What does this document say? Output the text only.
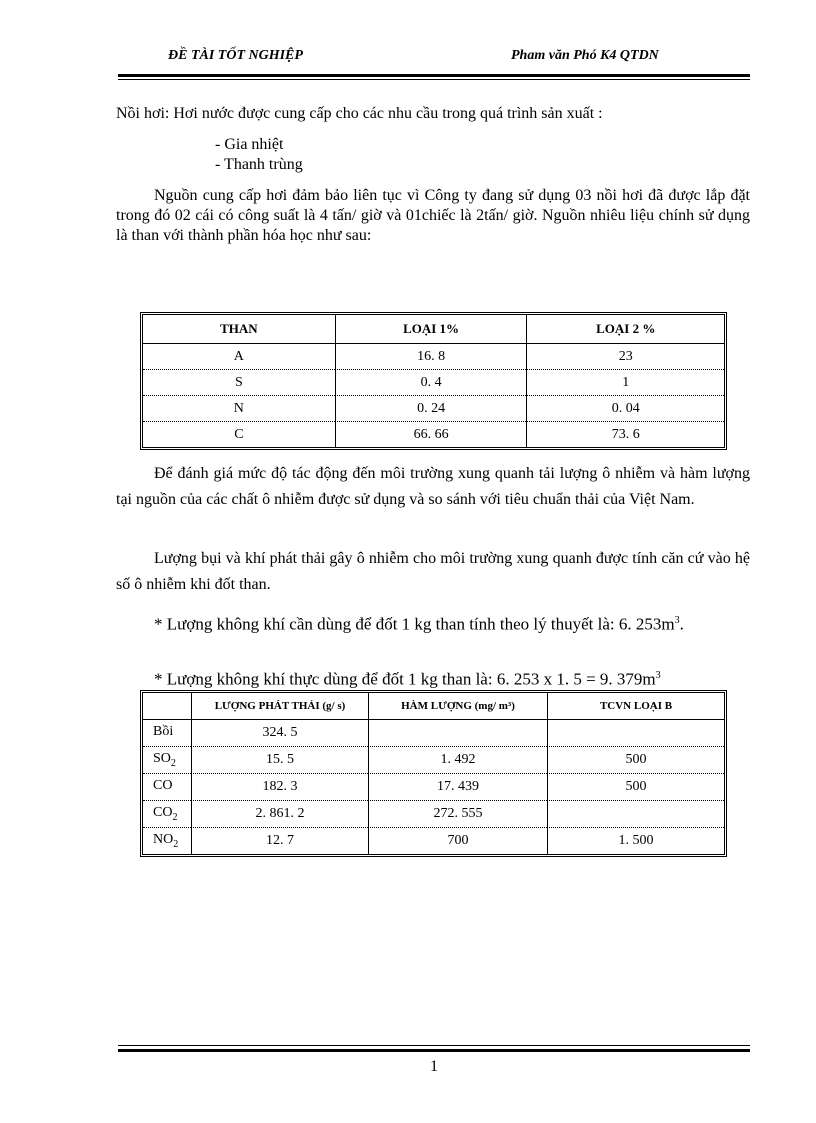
ĐỀ TÀI TỐT NGHIỆP	Pham văn Phó K4 QTDN
Nồi hơi: Hơi nước được cung cấp cho các nhu cầu trong quá trình sản xuất :
- Gia nhiệt
- Thanh trùng
Nguồn cung cấp hơi đảm bảo liên tục vì Công ty đang sử dụng 03 nồi hơi đã được lắp đặt trong đó 02 cái có công suất là 4 tấn/ giờ và 01chiếc là 2tấn/ giờ. Nguồn nhiêu liệu chính sử dụng là than với thành phần hóa học như sau:
THAN	LOẠI 1%	LOẠI 2 %
A	16. 8	23
S	0. 4	1
N	0. 24	0. 04
C	66. 66	73. 6
Để đánh giá mức độ tác động đến môi trường xung quanh tải lượng ô nhiễm và hàm lượng tại nguồn của các chất ô nhiễm được sử dụng và so sánh với tiêu chuẩn thải của Việt Nam.
Lượng bụi và khí phát thải gây ô nhiễm cho môi trường xung quanh được tính căn cứ vào hệ số ô nhiễm khi đốt than.
* Lượng không khí cần dùng để đốt 1 kg than tính theo lý thuyết là: 6. $253m^3$.
* Lượng không khí thực dùng để đốt 1 kg than là: 6. 253 x 1. 5 = 9. $379m^3$
	LƯỢNG PHÁT THẢI (g/ s)	HÀM LƯỢNG (mg/ m³)	TCVN LOẠI B
Bồi	324. 5		
$SO_2$	15. 5	1. 492	500
CO	182. 3	17. 439	500
$CO_2$	2. 861. 2	272. 555	
$NO_2$	12. 7	700	1. 500
1
